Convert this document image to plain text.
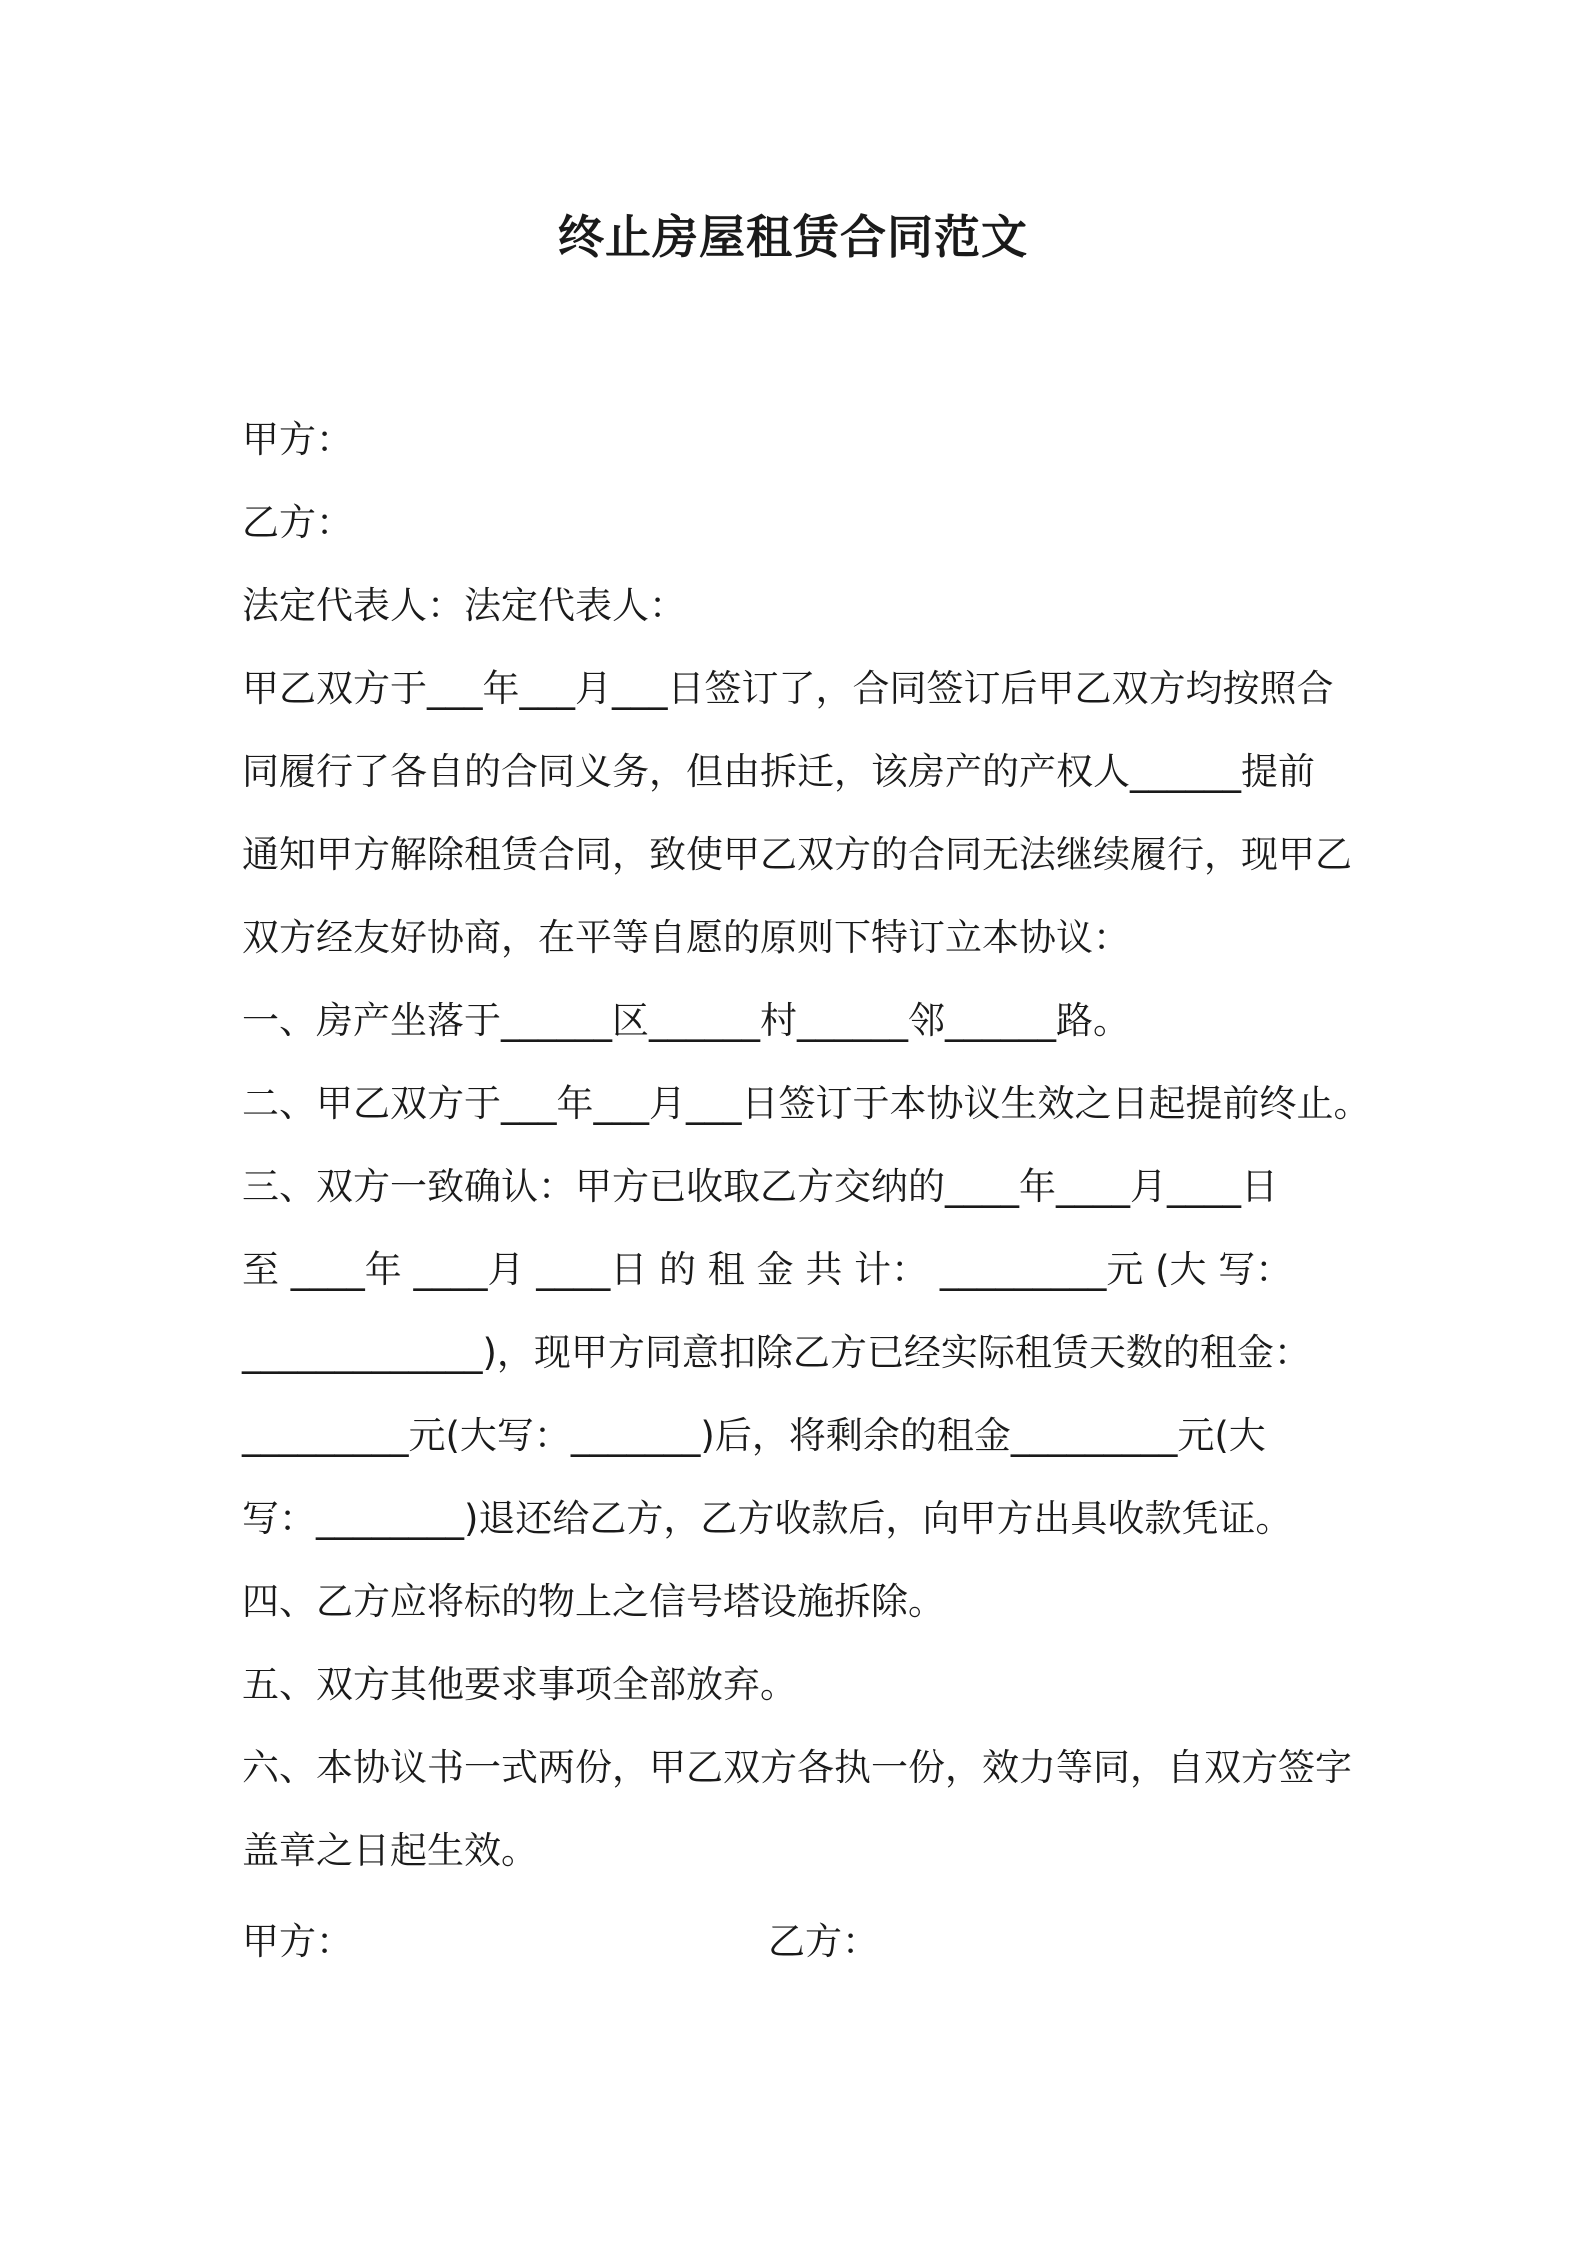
终止房屋租赁合同范文
甲方：
乙方：
法定代表人：法定代表人：
甲乙双方于___年___月___日签订了，合同签订后甲乙双方均按照合
同履行了各自的合同义务，但由拆迁，该房产的产权人______提前
通知甲方解除租赁合同，致使甲乙双方的合同无法继续履行，现甲乙
双方经友好协商，在平等自愿的原则下特订立本协议：
一、房产坐落于______区______村______邻______路。
二、甲乙双方于___年___月___日签订于本协议生效之日起提前终止。
三、双方一致确认：甲方已收取乙方交纳的____年____月____日
至 ____年 ____月 ____日 的 租 金 共 计： _________元 (大 写：
_____________)，现甲方同意扣除乙方已经实际租赁天数的租金：
_________元(大写：_______)后，将剩余的租金_________元(大
写：________)退还给乙方，乙方收款后，向甲方出具收款凭证。
四、乙方应将标的物上之信号塔设施拆除。
五、双方其他要求事项全部放弃。
六、本协议书一式两份，甲乙双方各执一份，效力等同，自双方签字
盖章之日起生效。
甲方：	乙方：
